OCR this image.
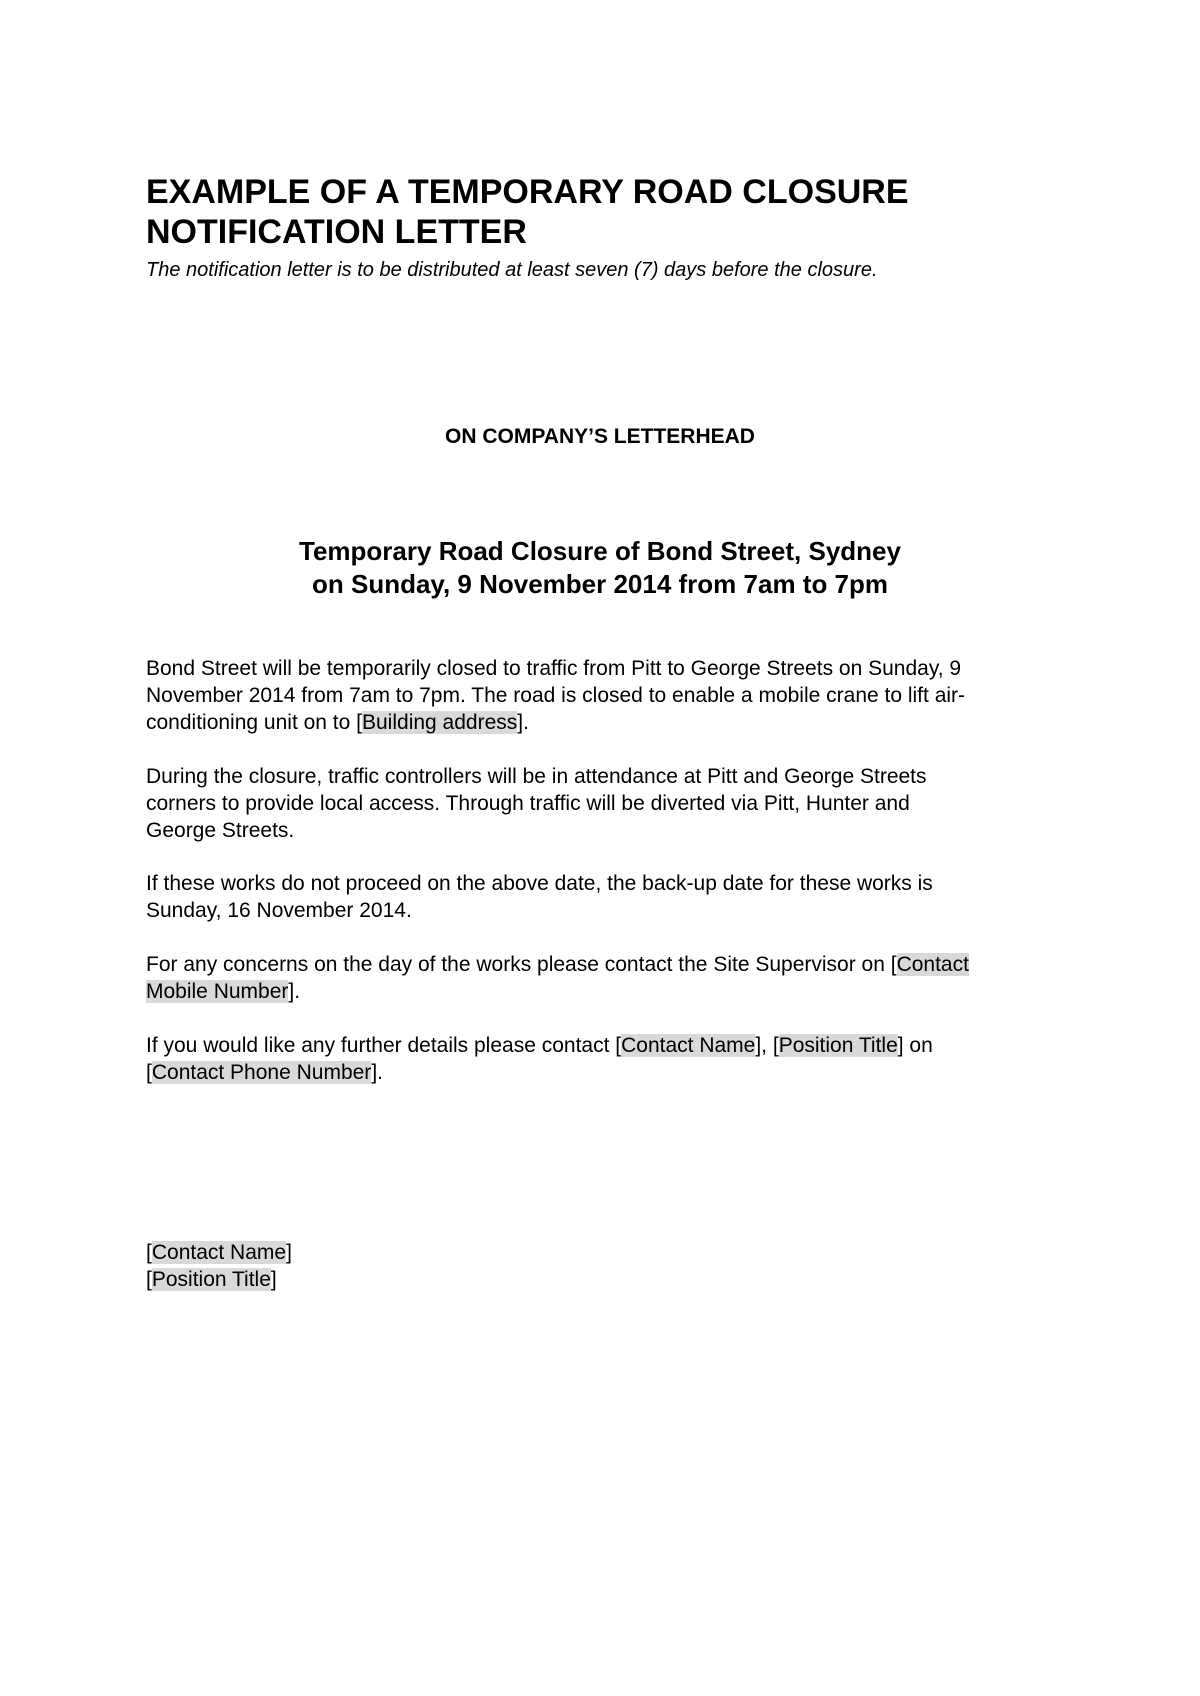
EXAMPLE OF A TEMPORARY ROAD CLOSURE
NOTIFICATION LETTER

The notification letter is to be distributed at least seven (7) days before the closure.

ON COMPANY’S LETTERHEAD
Temporary Road Closure of Bond Street, Sydney
on Sunday, 9 November 2014 from 7am to 7pm
Bond Street will be temporarily closed to traffic from Pitt to George Streets on Sunday, 9
November 2014 from 7am to 7pm. The road is closed to enable a mobile crane to lift air-
conditioning unit on to [Building address].
During the closure, traffic controllers will be in attendance at Pitt and George Streets
corners to provide local access. Through traffic will be diverted via Pitt, Hunter and
George Streets.
If these works do not proceed on the above date, the back-up date for these works is
Sunday, 16 November 2014.
For any concerns on the day of the works please contact the Site Supervisor on [Contact
Mobile Number].
If you would like any further details please contact [Contact Name], [Position Title] on
[Contact Phone Number].
[Contact Name]
[Position Title]
